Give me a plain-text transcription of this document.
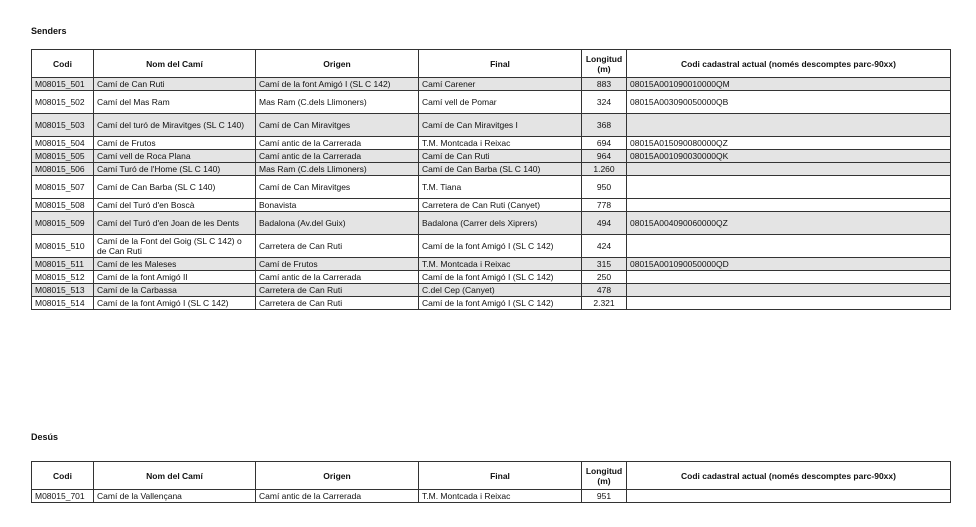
Senders
Codi	Nom del Camí	Origen	Final	Longitud (m)	Codi cadastral actual (només descomptes parc-90xx)
M08015_501	Camí de Can Ruti	Camí de la font Amigó I (SL C 142)	Camí Carener	883	08015A001090010000QM
M08015_502	Camí del Mas Ram	Mas Ram (C.dels Llimoners)	Camí vell de Pomar	324	08015A003090050000QB
M08015_503	Camí del turó de Miravitges (SL C 140)	Camí de Can Miravitges	Camí de Can Miravitges I	368	
M08015_504	Camí de Frutos	Camí antic de la Carrerada	T.M. Montcada i Reixac	694	08015A015090080000QZ
M08015_505	Camí vell de Roca Plana	Camí antic de la Carrerada	Camí de Can Ruti	964	08015A001090030000QK
M08015_506	Camí Turó de l'Home (SL C 140)	Mas Ram (C.dels Llimoners)	Camí de Can Barba (SL C 140)	1.260	
M08015_507	Camí de Can Barba (SL C 140)	Camí de Can Miravitges	T.M. Tiana	950	
M08015_508	Camí del Turó d'en Boscà	Bonavista	Carretera de Can Ruti (Canyet)	778	
M08015_509	Camí del Turó d'en Joan de les Dents	Badalona (Av.del Guix)	Badalona (Carrer dels Xiprers)	494	08015A004090060000QZ
M08015_510	Camí de la Font del Goig (SL C 142) o de Can Ruti	Carretera de Can Ruti	Camí de la font Amigó I (SL C 142)	424	
M08015_511	Camí de les Maleses	Camí de Frutos	T.M. Montcada i Reixac	315	08015A001090050000QD
M08015_512	Camí de la font Amigó II	Camí antic de la Carrerada	Camí de la font Amigó I (SL C 142)	250	
M08015_513	Camí de la Carbassa	Carretera de Can Ruti	C.del Cep (Canyet)	478	
M08015_514	Camí de la font Amigó I (SL C 142)	Carretera de Can Ruti	Camí de la font Amigó I (SL C 142)	2.321	
Desús
Codi	Nom del Camí	Origen	Final	Longitud (m)	Codi cadastral actual (només descomptes parc-90xx)
M08015_701	Camí de la Vallençana	Camí antic de la Carrerada	T.M. Montcada i Reixac	951	
